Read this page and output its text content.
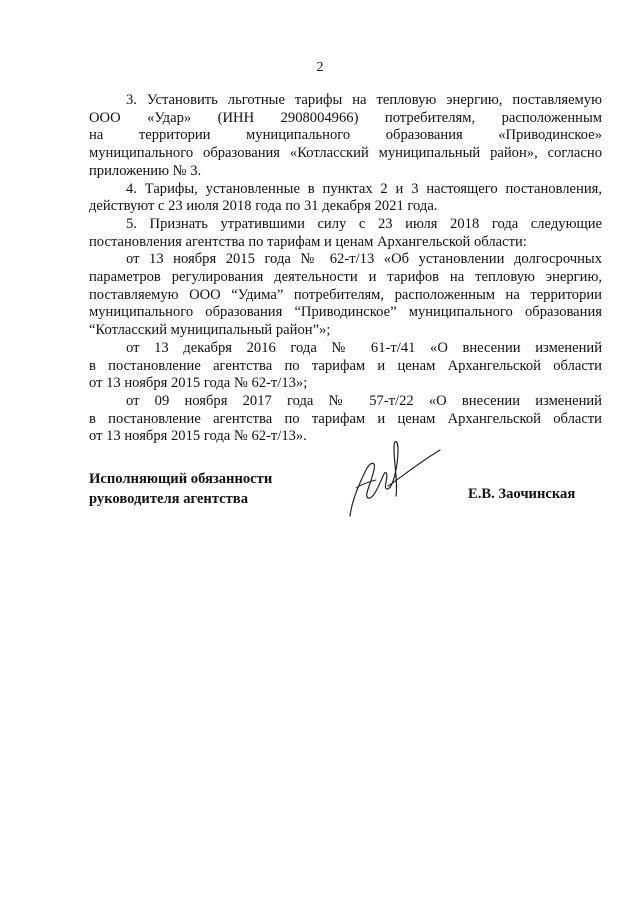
2

3. Установить льготные тарифы на тепловую энергию, поставляемую
ООО «Удар» (ИНН 2908004966) потребителям, расположенным
на территории муниципального образования «Приводинское»
муниципального образования «Котласский муниципальный район», согласно
приложению № 3.

4. Тарифы, установленные в пунктах 2 и 3 настоящего постановления,
действуют с 23 июля 2018 года по 31 декабря 2021 года.

5. Признать утратившими силу с 23 июля 2018 года следующие
постановления агентства по тарифам и ценам Архангельской области:

от 13 ноября 2015 года № 62-т/13 «Об установлении долгосрочных
параметров регулирования деятельности и тарифов на тепловую энергию,
поставляемую ООО “Удима” потребителям, расположенным на территории
муниципального образования “Приводинское” муниципального образования
“Котласский муниципальный район”»;

от 13 декабря 2016 года № 61-т/41 «О внесении изменений
в постановление агентства по тарифам и ценам Архангельской области
от 13 ноября 2015 года № 62-т/13»;

от 09 ноября 2017 года № 57-т/22 «О внесении изменений
в постановление агентства по тарифам и ценам Архангельской области
от 13 ноября 2015 года № 62-т/13».

Исполняющий обязанности
руководителя агентства	Е.В. Заочинская
